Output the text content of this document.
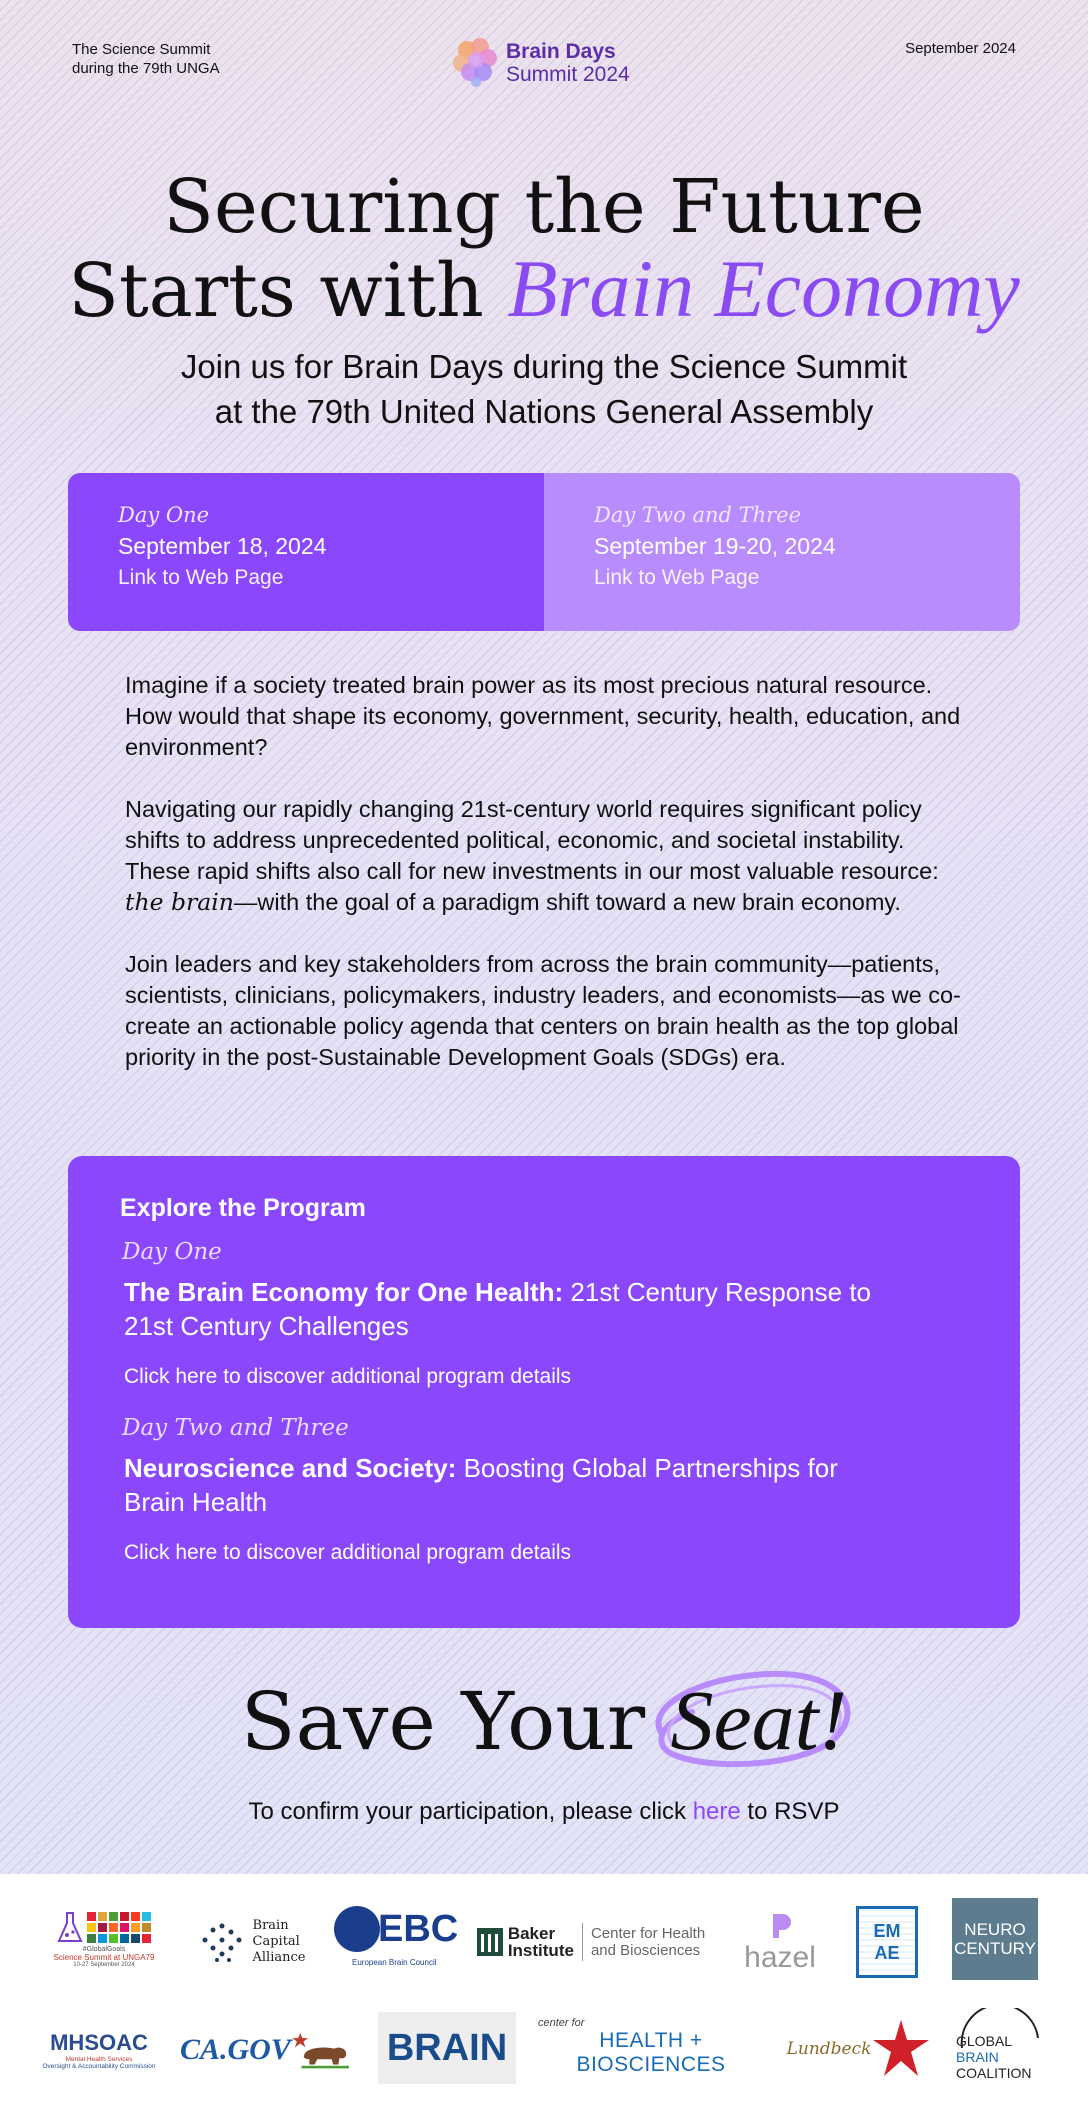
The Science Summit
during the 79th UNGA
Brain Days
Summit 2024
September 2024
Securing the Future
Starts with Brain Economy
Join us for Brain Days during the Science Summit
at the 79th United Nations General Assembly
Day One
September 18, 2024
Link to Web Page
Day Two and Three
September 19-20, 2024
Link to Web Page

Imagine if a society treated brain power as its most precious natural resource. How would that shape its economy, government, security, health, education, and environment?

Navigating our rapidly changing 21st-century world requires significant policy shifts to address unprecedented political, economic, and societal instability. These rapid shifts also call for new investments in our most valuable resource: the brain—with the goal of a paradigm shift toward a new brain economy.

Join leaders and key stakeholders from across the brain community—patients, scientists, clinicians, policymakers, industry leaders, and economists—as we co-create an actionable policy agenda that centers on brain health as the top global priority in the post-Sustainable Development Goals (SDGs) era.

Explore the Program
Day One
The Brain Economy for One Health: 21st Century Response to 21st Century Challenges
Click here to discover additional program details
Day Two and Three
Neuroscience and Society: Boosting Global Partnerships for Brain Health
Click here to discover additional program details
Save Your Seat!
To confirm your participation, please click here to RSVP
#GlobalGoals
Science Summit at UNGA79
10-27 September 2024
Brain
Capital
Alliance
EBC
European Brain Council
Baker
Institute
Center for Health
and Biosciences hazel
EM AE
NEURO
CENTURY
MHSOAC
Mental Health Services
Oversight & Accountability Commission
CA.GOV	BRAIN
center for
HEALTH + BIOSCIENCES
Lundbeck	GLOBAL
BRAIN
COALITION
